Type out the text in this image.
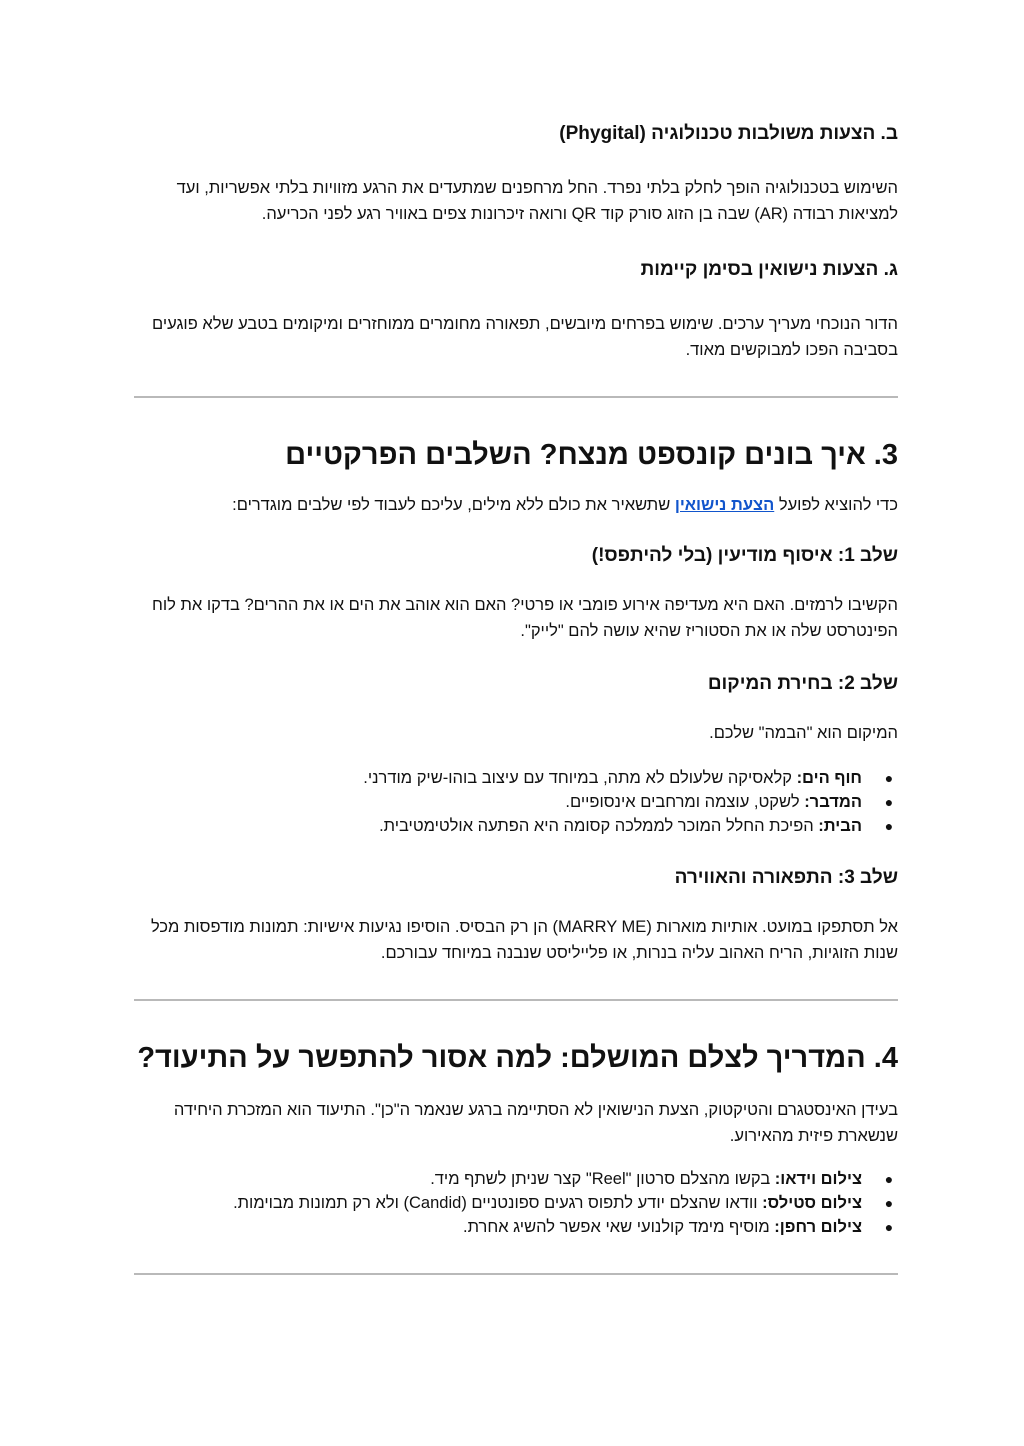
ב. הצעות משולבות טכנולוגיה (Phygital)

השימוש בטכנולוגיה הופך לחלק בלתי נפרד. החל מרחפנים שמתעדים את הרגע מזוויות בלתי אפשריות, ועד למציאות רבודה (AR) שבה בן הזוג סורק קוד QR ורואה זיכרונות צפים באוויר רגע לפני הכריעה.

ג. הצעות נישואין בסימן קיימות

הדור הנוכחי מעריך ערכים. שימוש בפרחים מיובשים, תפאורה מחומרים ממוחזרים ומיקומים בטבע שלא פוגעים בסביבה הפכו למבוקשים מאוד.

3. איך בונים קונספט מנצח? השלבים הפרקטיים

כדי להוציא לפועל הצעת נישואין שתשאיר את כולם ללא מילים, עליכם לעבוד לפי שלבים מוגדרים:

שלב 1: איסוף מודיעין (בלי להיתפס!)

הקשיבו לרמזים. האם היא מעדיפה אירוע פומבי או פרטי? האם הוא אוהב את הים או את ההרים? בדקו את לוח הפינטרסט שלה או את הסטוריז שהיא עושה להם "לייק".

שלב 2: בחירת המיקום

המיקום הוא "הבמה" שלכם.

●
חוף הים: קלאסיקה שלעולם לא מתה, במיוחד עם עיצוב בוהו-שיק מודרני.
●
המדבר: לשקט, עוצמה ומרחבים אינסופיים.
●
הבית: הפיכת החלל המוכר לממלכה קסומה היא הפתעה אולטימטיבית.
שלב 3: התפאורה והאווירה

אל תסתפקו במועט. אותיות מוארות (MARRY ME) הן רק הבסיס. הוסיפו נגיעות אישיות: תמונות מודפסות מכל שנות הזוגיות, הריח האהוב עליה בנרות, או פלייליסט שנבנה במיוחד עבורכם.

4. המדריך לצלם המושלם: למה אסור להתפשר על התיעוד?

בעידן האינסטגרם והטיקטוק, הצעת הנישואין לא הסתיימה ברגע שנאמר ה"כן". התיעוד הוא המזכרת היחידה שנשארת פיזית מהאירוע.

●
צילום וידאו: בקשו מהצלם סרטון "Reel" קצר שניתן לשתף מיד.
●
צילום סטילס: וודאו שהצלם יודע לתפוס רגעים ספונטניים (Candid) ולא רק תמונות מבוימות.
●
צילום רחפן: מוסיף מימד קולנועי שאי אפשר להשיג אחרת.
